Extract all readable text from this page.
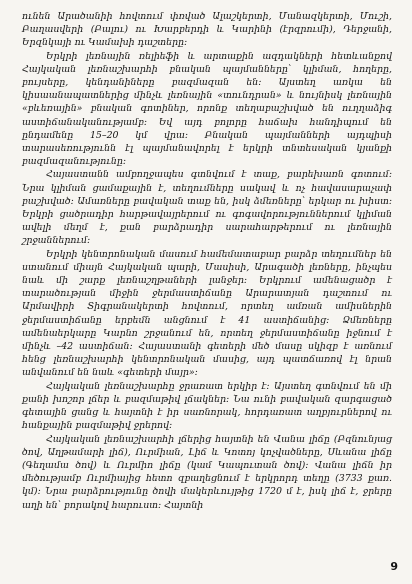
ունեն Արածանիի հովտում փռված Ալաշկերտի, Մանազկերտի, Մուշի, Բաղասվերի (Բալու) ու Խարբերդի և Կարինի (էրզրումի), Դերջանի, Երզնկայի ու Կամախի դաշտերը:

Երկրի լեռնային ռելիեֆի և արտաքին ազդակների հետևանքով Հայկական լեռնաշխարհի բնական պայմանները՝ կլիման, հողերը, բույսերը, կենդանիները բազմազան են: Այստեղ առկա են կիսաանապատներից մինչև լեռնային «տունդրան» և նույնիսկ լեռնային «բևեռային» բնական գոտիներ, որոնք տեղաբաշխված են ուղղաձիգ աստիճանականությամբ: Եվ այդ բոլորը հաճախ հանդիպում են ընդամենը 15–20 կմ վրա: Բնական պայմանների այդպիսի տարասեռությունն էլ պայմանավորել է երկրի տնտեսական կյանքի բազմազանությունը:

Հայաստանն ամբողջապես գտնվում է տաք, բարեխառն գոտում: Նրա կլիման ցամաքային է, տեղումները սակավ և ոչ հավասարաչափ բաշխված: Ամառները բավական տաք են, իսկ ձմեռները՝ երկար ու խիստ: Երկրի ցածրադիր հարթավայրերում ու գոգավորություններում կլիման ավելի մեղմ է, քան բարձրադիր սարահարթերում ու լեռնային շրջաններում:

Երկրի կենտրոնական մասում համեմատաբար բարձր տեղումներ են ստանում միայն Հայկական պարի, Մասիսի, Արագածի լեռները, ինչպես նաև մի շարք լեռնաշղթաների լանջեր: Երկրում ամենացածր է տարածության միջին ջերմաստիճանը Արարատյան դաշտում ու Արմավիրի Տիգրանակերտի հովտում, որտեղ ամռան ամիսներին ջերմաստիճանը երբեմն անցնում է 41 աստիճանից: Ձմեռները ամենաերկարը Կարնո շրջանում են, որտեղ ջերմաստիճանը իջնում է մինչև –42 աստիճան: Հայաստանի գետերի մեծ մասը սկիզբ է առնում հենց լեռնաշխարհի կենտրոնական մասից, այդ պատճառով էլ նրան անվանում են նաև «գետերի մայր»:

Հայկական լեռնաշխարհը ջրառատ երկիր է: Այստեղ գտնվում են մի քանի խոշոր լճեր և բազմաթիվ լճակներ: Նա ունի բավական զարգացած գետային ցանց և հայտնի է իր սառնորակ, հորդառատ աղբյուրներով ու հանքային բազմաթիվ ջրերով:

Հայկական լեռնաշխարհի լճերից հայտնի են Վանա լիճը (Բզնունյաց ծով, Աղթամարի լիճ), Ուրմիան, Լիճ և Կոտոյ կոչվածները, Սևանա լիճը (Գեղամա ծով) և Ուրմիո լիճը (կամ Կապուտան ծով): Վանա լիճն իր մեծությամբ Ուրմիայից հետո զբաղեցնում է երկրորդ տեղը (3733 քառ. կմ): Նրա բարձրությունը ծովի մակերևույթից 1720 մ է, իսկ լիճ է, ջրերը աղի են՝ բորակով հարուստ: Հայտնի

9
